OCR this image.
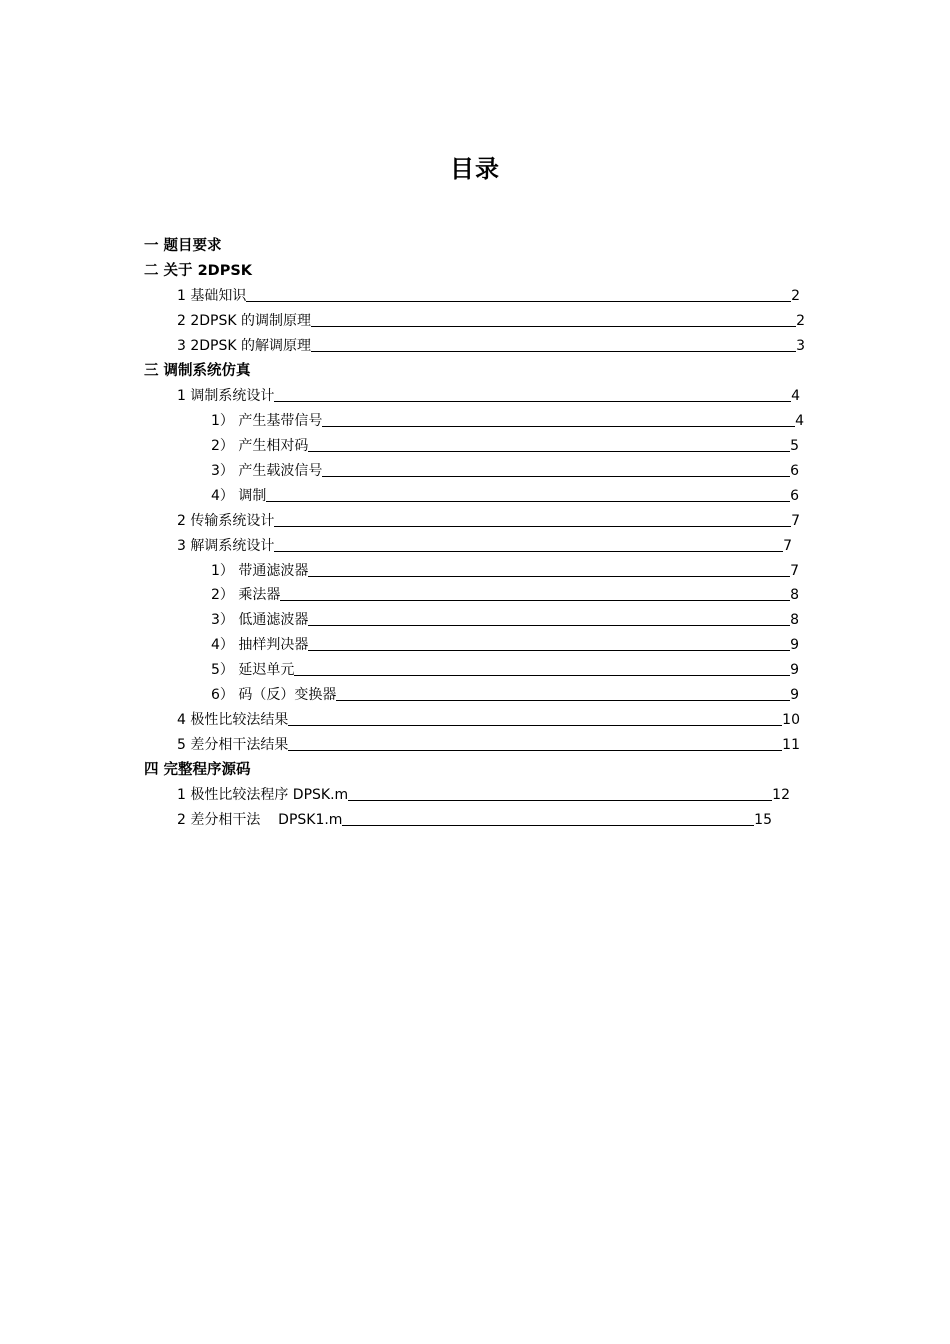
目录
一 题目要求
二 关于 2DPSK
1 基础知识	2
2 2DPSK 的调制原理	2
3 2DPSK 的解调原理	3
三 调制系统仿真
1 调制系统设计	4
1） 产生基带信号	4
2） 产生相对码	5
3） 产生载波信号	6
4） 调制	6
2 传输系统设计	7
3 解调系统设计	7
1） 带通滤波器	7
2） 乘法器	8
3） 低通滤波器	8
4） 抽样判决器	9
5） 延迟单元	9
6） 码（反）变换器	9
4 极性比较法结果	10
5 差分相干法结果	11
四 完整程序源码
1 极性比较法程序 DPSK.m	12
2 差分相干法    DPSK1.m	15
